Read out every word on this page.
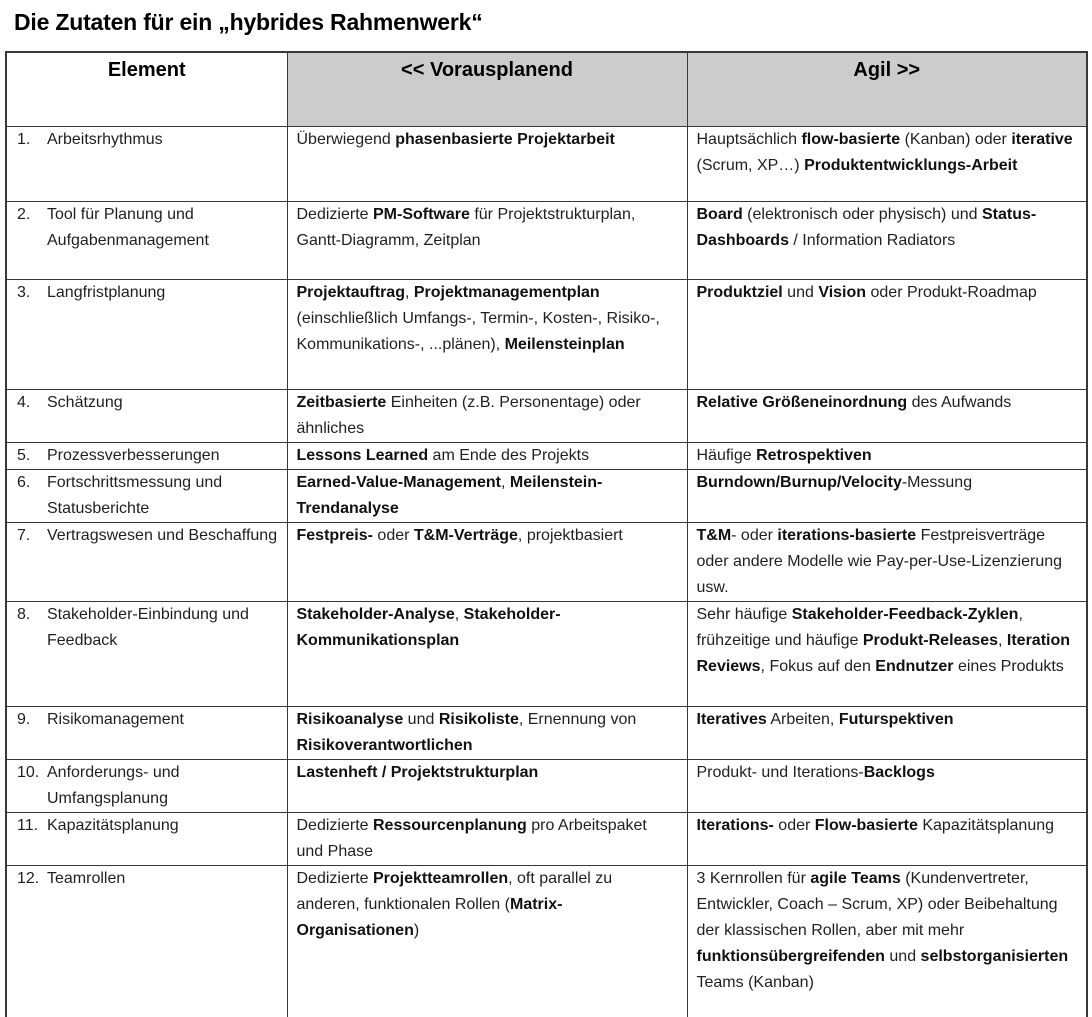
Die Zutaten für ein „hybrides Rahmenwerk“
Element	<< Vorausplanend	Agil >>

1. Arbeitsrhythmus	Überwiegend phasenbasierte Projektarbeit	Hauptsächlich flow-basierte (Kanban) oder iterative (Scrum, XP…) Produktentwicklungs-Arbeit

2. Tool für Planung und Aufgabenmanagement	Dedizierte PM-Software für Projektstrukturplan, Gantt-Diagramm, Zeitplan	Board (elektronisch oder physisch) und Status-Dashboards / Information Radiators

3. Langfristplanung	Projektauftrag, Projektmanagementplan (einschließlich Umfangs-, Termin-, Kosten-, Risiko-, Kommunikations-, ...plänen), Meilensteinplan	Produktziel und Vision oder Produkt-Roadmap

4. Schätzung	Zeitbasierte Einheiten (z.B. Personentage) oder ähnliches	Relative Größeneinordnung des Aufwands

5. Prozessverbesserungen	Lessons Learned am Ende des Projekts	Häufige Retrospektiven

6. Fortschrittsmessung und Statusberichte	Earned-Value-Management, Meilenstein-Trendanalyse	Burndown/Burnup/Velocity-Messung

7. Vertragswesen und Beschaffung	Festpreis- oder T&M-Verträge, projektbasiert	T&M- oder iterations-basierte Festpreisverträge oder andere Modelle wie Pay-per-Use-Lizenzierung usw.

8. Stakeholder-Einbindung und Feedback	Stakeholder-Analyse, Stakeholder-Kommunikationsplan	Sehr häufige Stakeholder-Feedback-Zyklen, frühzeitige und häufige Produkt-Releases, Iteration Reviews, Fokus auf den Endnutzer eines Produkts

9. Risikomanagement	Risikoanalyse und Risikoliste, Ernennung von Risikoverantwortlichen	Iteratives Arbeiten, Futurspektiven

10. Anforderungs- und Umfangsplanung	Lastenheft / Projektstrukturplan	Produkt- und Iterations-Backlogs

11. Kapazitätsplanung	Dedizierte Ressourcenplanung pro Arbeitspaket und Phase	Iterations- oder Flow-basierte Kapazitätsplanung

12. Teamrollen	Dedizierte Projektteamrollen, oft parallel zu anderen, funktionalen Rollen (Matrix-Organisationen)	3 Kernrollen für agile Teams (Kundenvertreter, Entwickler, Coach – Scrum, XP) oder Beibehaltung der klassischen Rollen, aber mit mehr funktionsübergreifenden und selbstorganisierten Teams (Kanban)
